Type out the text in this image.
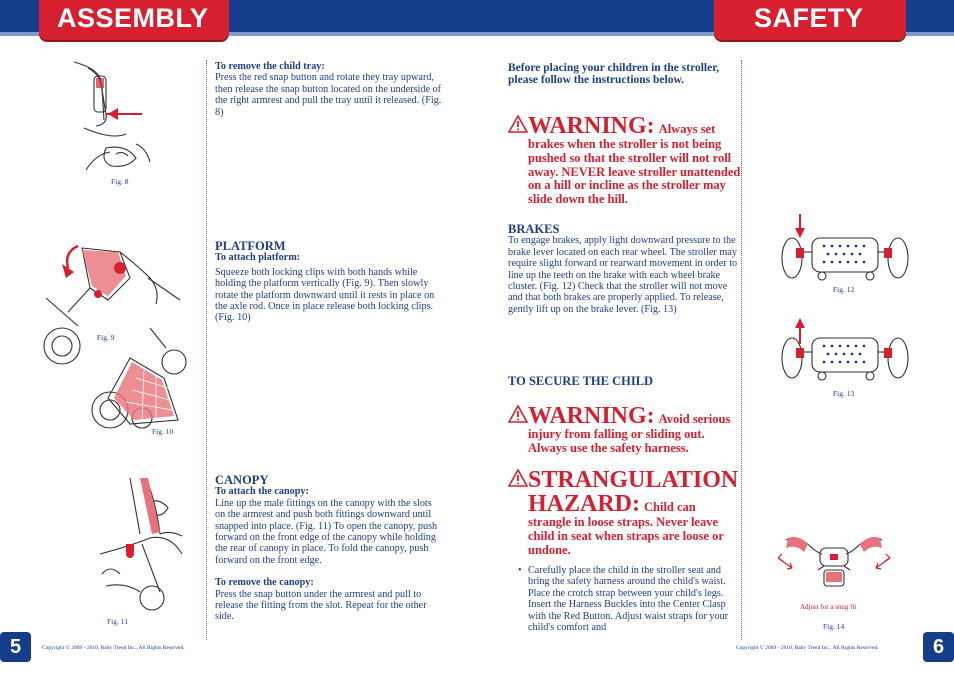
ASSEMBLY	SAFETY
Fig. 8
Fig. 9
Fig. 10
Fig. 11
To remove the child tray:
Press the red snap button and rotate they tray upward, then release the snap button located on the underside of the right armrest and pull the tray until it released. (Fig. 8)
PLATFORM
To attach platform:
Squeeze both locking clips with both hands while holding the platform vertically (Fig. 9). Then slowly rotate the platform downward until it rests in place on the axle rod. Once in place release both locking clips. (Fig. 10)
CANOPY
To attach the canopy:
Line up the male fittings on the canopy with the slots on the armrest and push both fittings downward until snapped into place. (Fig. 11) To open the canopy, push forward on the front edge of the canopy while holding the rear of canopy in place. To fold the canopy, push forward on the front edge.
To remove the canopy:
Press the snap button under the armrest and pull to release the fitting from the slot. Repeat for the other side.
5	Copyright © 2009 - 2010, Baby Trend Inc., All Rights Reserved.
Before placing your children in the stroller, please follow the instructions below.
WARNING: Always set
brakes when the stroller is not being pushed so that the stroller will not roll away. NEVER leave stroller unattended on a hill or incline as the stroller may slide down the hill.
BRAKES
To engage brakes, apply light downward pressure to the brake lever located on each rear wheel. The stroller may require slight forward or rearward movement in order to line up the teeth on the brake with each wheel brake cluster. (Fig. 12) Check that the stroller will not move and that both brakes are properly applied. To release, gently lift up on the brake lever. (Fig. 13)
TO SECURE THE CHILD
WARNING: Avoid serious
injury from falling or sliding out. Always use the safety harness.
STRANGULATION
HAZARD: Child can
strangle in loose straps. Never leave child in seat when straps are loose or undone.
• Carefully place the child in the stroller seat and bring the safety harness around the child's waist. Place the crotch strap between your child's legs. Insert the Harness Buckles into the Center Clasp with the Red Button. Adjust waist straps for your child's comfort and
Fig. 12
Fig. 13
Adjust for a snug fit
Fig. 14
Copyright © 2009 - 2010, Baby Trend Inc., All Rights Reserved.	6
